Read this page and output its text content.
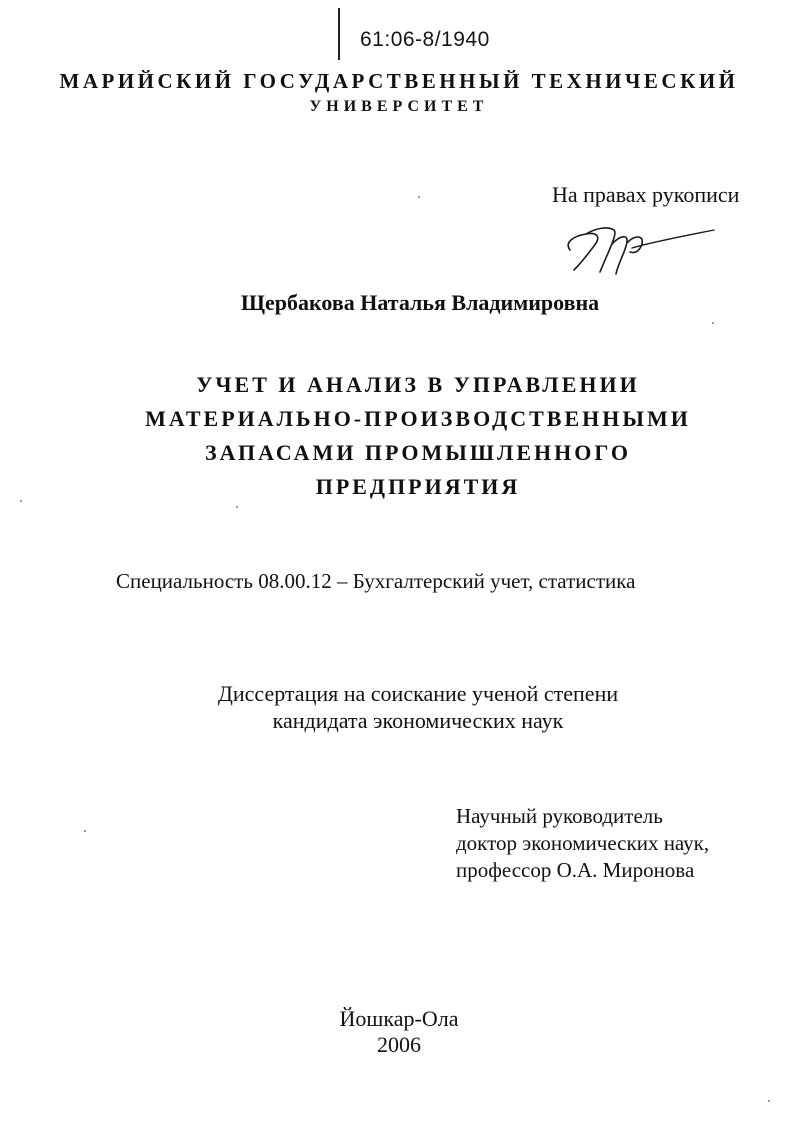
61:06-8/1940
МАРИЙСКИЙ ГОСУДАРСТВЕННЫЙ ТЕХНИЧЕСКИЙ
УНИВЕРСИТЕТ
На правах рукописи
Щербакова Наталья Владимировна
УЧЕТ И АНАЛИЗ В УПРАВЛЕНИИ
МАТЕРИАЛЬНО-ПРОИЗВОДСТВЕННЫМИ
ЗАПАСАМИ ПРОМЫШЛЕННОГО
ПРЕДПРИЯТИЯ
Специальность 08.00.12 – Бухгалтерский учет, статистика
Диссертация на соискание ученой степени
кандидата экономических наук
Научный руководитель
доктор экономических наук,
профессор О.А. Миронова
Йошкар-Ола
2006
